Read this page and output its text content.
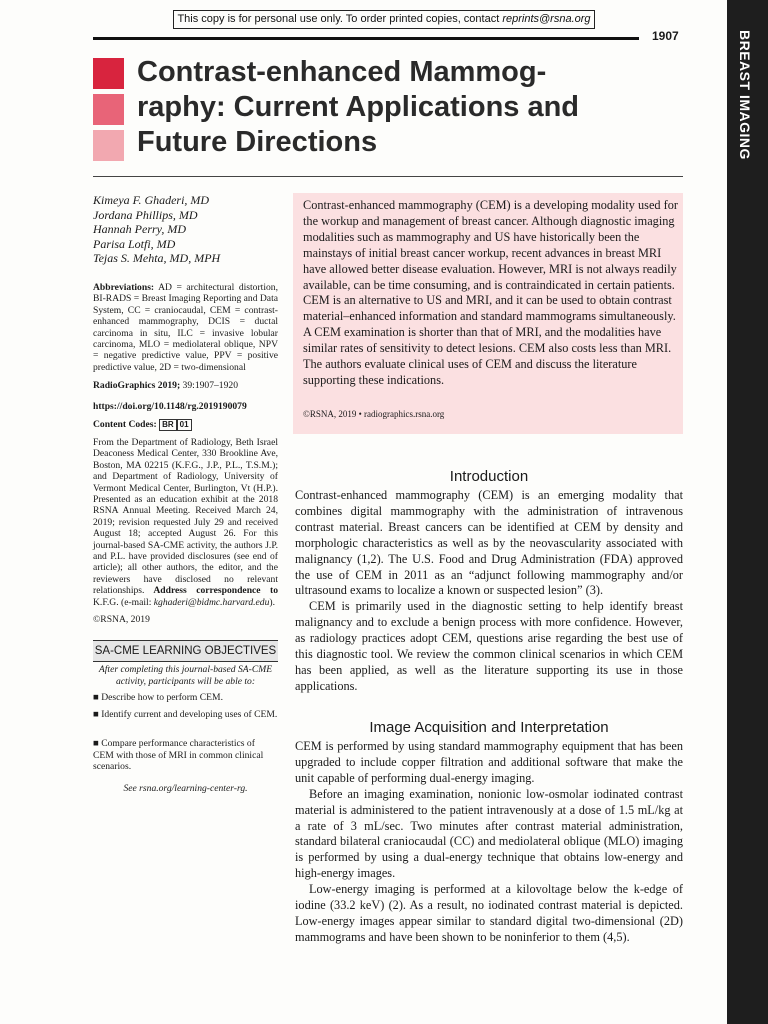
This copy is for personal use only. To order printed copies, contact reprints@rsna.org
1907	BREAST IMAGING
Contrast-enhanced Mammog-
raphy: Current Applications and
Future Directions
Kimeya F. Ghaderi, MD
Jordana Phillips, MD
Hannah Perry, MD
Parisa Lotfi, MD
Tejas S. Mehta, MD, MPH
Abbreviations: AD = architectural distortion, BI-RADS = Breast Imaging Reporting and Data System, CC = craniocaudal, CEM = contrast-enhanced mammography, DCIS = ductal carcinoma in situ, ILC = invasive lobular carcinoma, MLO = mediolateral oblique, NPV = negative predictive value, PPV = positive predictive value, 2D = two-dimensional
RadioGraphics 2019; 39:1907–1920
https://doi.org/10.1148/rg.2019190079
Content Codes: BR 01
From the Department of Radiology, Beth Israel Deaconess Medical Center, 330 Brookline Ave, Boston, MA 02215 (K.F.G., J.P., P.L., T.S.M.); and Department of Radiology, University of Vermont Medical Center, Burlington, Vt (H.P.). Presented as an education exhibit at the 2018 RSNA Annual Meeting. Received March 24, 2019; revision requested July 29 and received August 18; accepted August 26. For this journal-based SA-CME activity, the authors J.P. and P.L. have provided disclosures (see end of article); all other authors, the editor, and the reviewers have disclosed no relevant relationships. Address correspondence to K.F.G. (e-mail: kghaderi@bidmc.harvard.edu).
©RSNA, 2019
SA-CME LEARNING OBJECTIVES
After completing this journal-based SA-CME activity, participants will be able to:
■ Describe how to perform CEM.
■ Identify current and developing uses of CEM.
■ Compare performance characteristics of CEM with those of MRI in common clinical scenarios.
See rsna.org/learning-center-rg.
Contrast-enhanced mammography (CEM) is a developing modality used for the workup and management of breast cancer. Although diagnostic imaging modalities such as mammography and US have historically been the mainstays of initial breast cancer workup, recent advances in breast MRI have allowed better disease evaluation. However, MRI is not always readily available, can be time consuming, and is contraindicated in certain patients. CEM is an alternative to US and MRI, and it can be used to obtain contrast material–enhanced information and standard mammograms simultaneously. A CEM examination is shorter than that of MRI, and the modalities have similar rates of sensitivity to detect lesions. CEM also costs less than MRI. The authors evaluate clinical uses of CEM and discuss the literature supporting these indications.
©RSNA, 2019 • radiographics.rsna.org
Introduction

Contrast-enhanced mammography (CEM) is an emerging modality that combines digital mammography with the administration of intravenous contrast material. Breast cancers can be identified at CEM by density and morphologic characteristics as well as by the neovascularity associated with malignancy (1,2). The U.S. Food and Drug Administration (FDA) approved the use of CEM in 2011 as an “adjunct following mammography and/or ultrasound exams to localize a known or suspected lesion” (3).

CEM is primarily used in the diagnostic setting to help identify breast malignancy and to exclude a benign process with more confidence. However, as radiology practices adopt CEM, questions arise regarding the best use of this diagnostic tool. We review the common clinical scenarios in which CEM has been applied, as well as the literature supporting its use in those applications.

Image Acquisition and Interpretation

CEM is performed by using standard mammography equipment that has been upgraded to include copper filtration and additional software that make the unit capable of performing dual-energy imaging.

Before an imaging examination, nonionic low-osmolar iodinated contrast material is administered to the patient intravenously at a dose of 1.5 mL/kg at a rate of 3 mL/sec. Two minutes after contrast material administration, standard bilateral craniocaudal (CC) and mediolateral oblique (MLO) imaging is performed by using a dual-energy technique that obtains low-energy and high-energy images.

Low-energy imaging is performed at a kilovoltage below the k-edge of iodine (33.2 keV) (2). As a result, no iodinated contrast material is depicted. Low-energy images appear similar to standard digital two-dimensional (2D) mammograms and have been shown to be noninferior to them (4,5).
